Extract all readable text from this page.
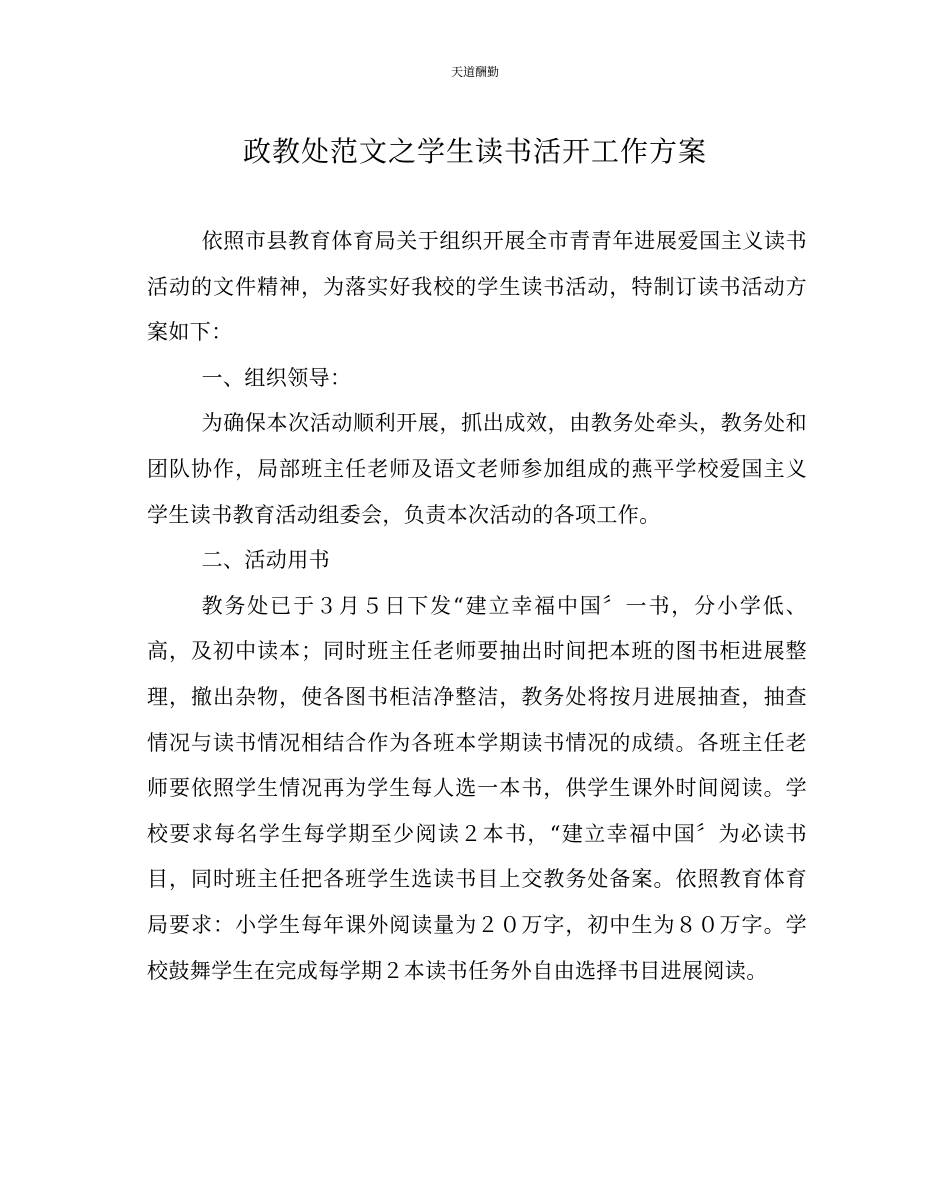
天道酬勤
政教处范文之学生读书活开工作方案

依照市县教育体育局关于组织开展全市青青年进展爱国主义读书活动的文件精神，为落实好我校的学生读书活动，特制订读书活动方案如下：

一、组织领导：

为确保本次活动顺利开展，抓出成效，由教务处牵头，教务处和团队协作，局部班主任老师及语文老师参加组成的燕平学校爱国主义学生读书教育活动组委会，负责本次活动的各项工作。

二、活动用书

教务处已于３月５日下发“建立幸福中国〞一书，分小学低、高，及初中读本；同时班主任老师要抽出时间把本班的图书柜进展整理，撤出杂物，使各图书柜洁净整洁，教务处将按月进展抽查，抽查情况与读书情况相结合作为各班本学期读书情况的成绩。各班主任老师要依照学生情况再为学生每人选一本书，供学生课外时间阅读。学校要求每名学生每学期至少阅读２本书，“建立幸福中国〞为必读书目，同时班主任把各班学生选读书目上交教务处备案。依照教育体育局要求：小学生每年课外阅读量为２０万字，初中生为８０万字。学校鼓舞学生在完成每学期２本读书任务外自由选择书目进展阅读。
